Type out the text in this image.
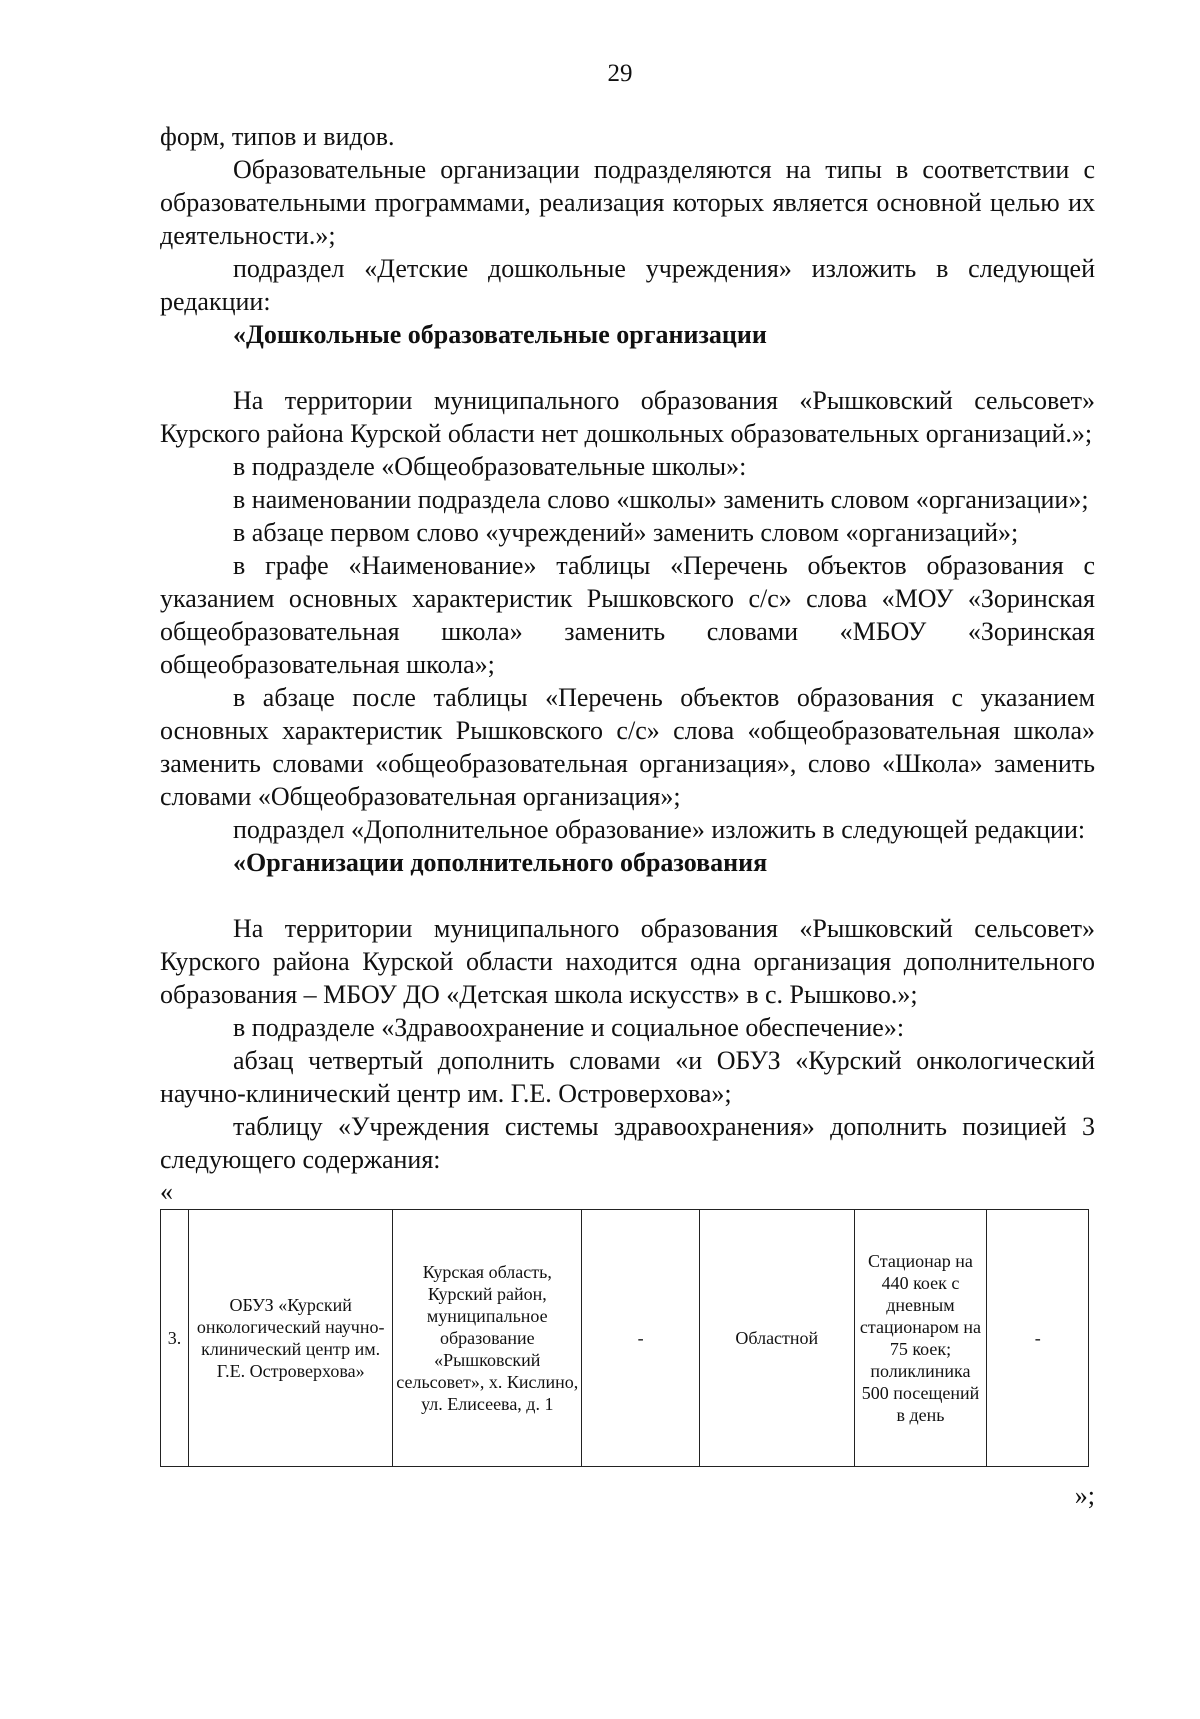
29

форм, типов и видов.

Образовательные организации подразделяются на типы в соответствии с образовательными программами, реализация которых является основной целью их деятельности.»;

подраздел «Детские дошкольные учреждения» изложить в следующей редакции:

«Дошкольные образовательные организации

На территории муниципального образования «Рышковский сельсовет» Курского района Курской области нет дошкольных образовательных организаций.»;

в подразделе «Общеобразовательные школы»:

в наименовании подраздела слово «школы» заменить словом «организации»;

в абзаце первом слово «учреждений» заменить словом «организаций»;

в графе «Наименование» таблицы «Перечень объектов образования с указанием основных характеристик Рышковского с/с» слова «МОУ «Зоринская общеобразовательная школа» заменить словами «МБОУ «Зоринская общеобразовательная школа»;

в абзаце после таблицы «Перечень объектов образования с указанием основных характеристик Рышковского с/с» слова «общеобразовательная школа» заменить словами «общеобразовательная организация», слово «Школа» заменить словами «Общеобразовательная организация»;

подраздел «Дополнительное образование» изложить в следующей редакции:

«Организации дополнительного образования

На территории муниципального образования «Рышковский сельсовет» Курского района Курской области находится одна организация дополнительного образования – МБОУ ДО «Детская школа искусств» в с. Рышково.»;

в подразделе «Здравоохранение и социальное обеспечение»:

абзац четвертый дополнить словами «и ОБУЗ «Курский онкологический научно-клинический центр им. Г.Е. Островерхова»;

таблицу «Учреждения системы здравоохранения» дополнить позицией 3 следующего содержания:

«

3.	ОБУЗ «Курский онкологический научно-клинический центр им. Г.Е. Островерхова»	Курская область, Курский район, муниципальное образование «Рышковский сельсовет», х. Кислино, ул. Елисеева, д. 1	-	Областной	Стационар на 440 коек с дневным стационаром на 75 коек; поликлиника 500 посещений в день	-

»;
